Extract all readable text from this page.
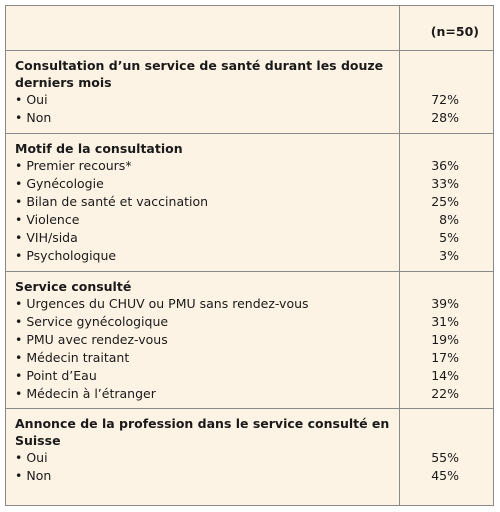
(n=50)
Consultation d’un service de santé durant les douze derniers mois
• Oui	72%
• Non	28%
Motif de la consultation
• Premier recours*	36%
• Gynécologie	33%
• Bilan de santé et vaccination	25%
• Violence	8%
• VIH/sida	5%
• Psychologique	3%
Service consulté
• Urgences du CHUV ou PMU sans rendez-vous	39%
• Service gynécologique	31%
• PMU avec rendez-vous	19%
• Médecin traitant	17%
• Point d’Eau	14%
• Médecin à l’étranger	22%
Annonce de la profession dans le service consulté en Suisse
• Oui	55%
• Non	45%
